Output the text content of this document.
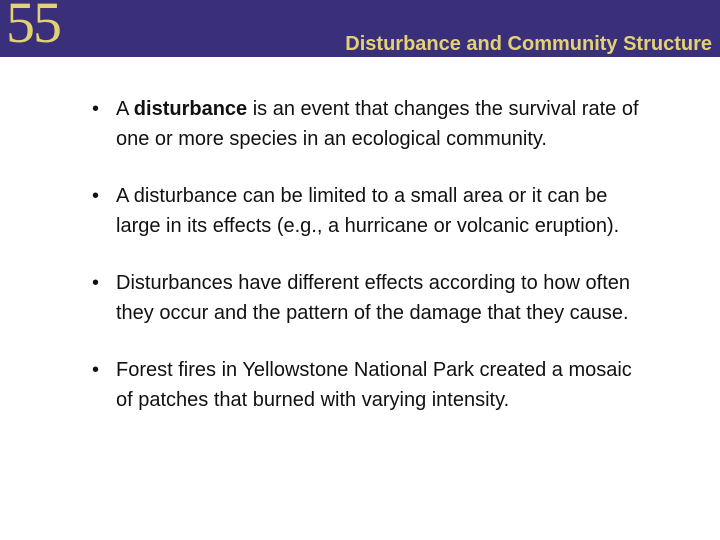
55	Disturbance and Community Structure
• A disturbance is an event that changes the survival rate of one or more species in an ecological community.
• A disturbance can be limited to a small area or it can be large in its effects (e.g., a hurricane or volcanic eruption).
• Disturbances have different effects according to how often they occur and the pattern of the damage that they cause.
• Forest fires in Yellowstone National Park created a mosaic of patches that burned with varying intensity.
